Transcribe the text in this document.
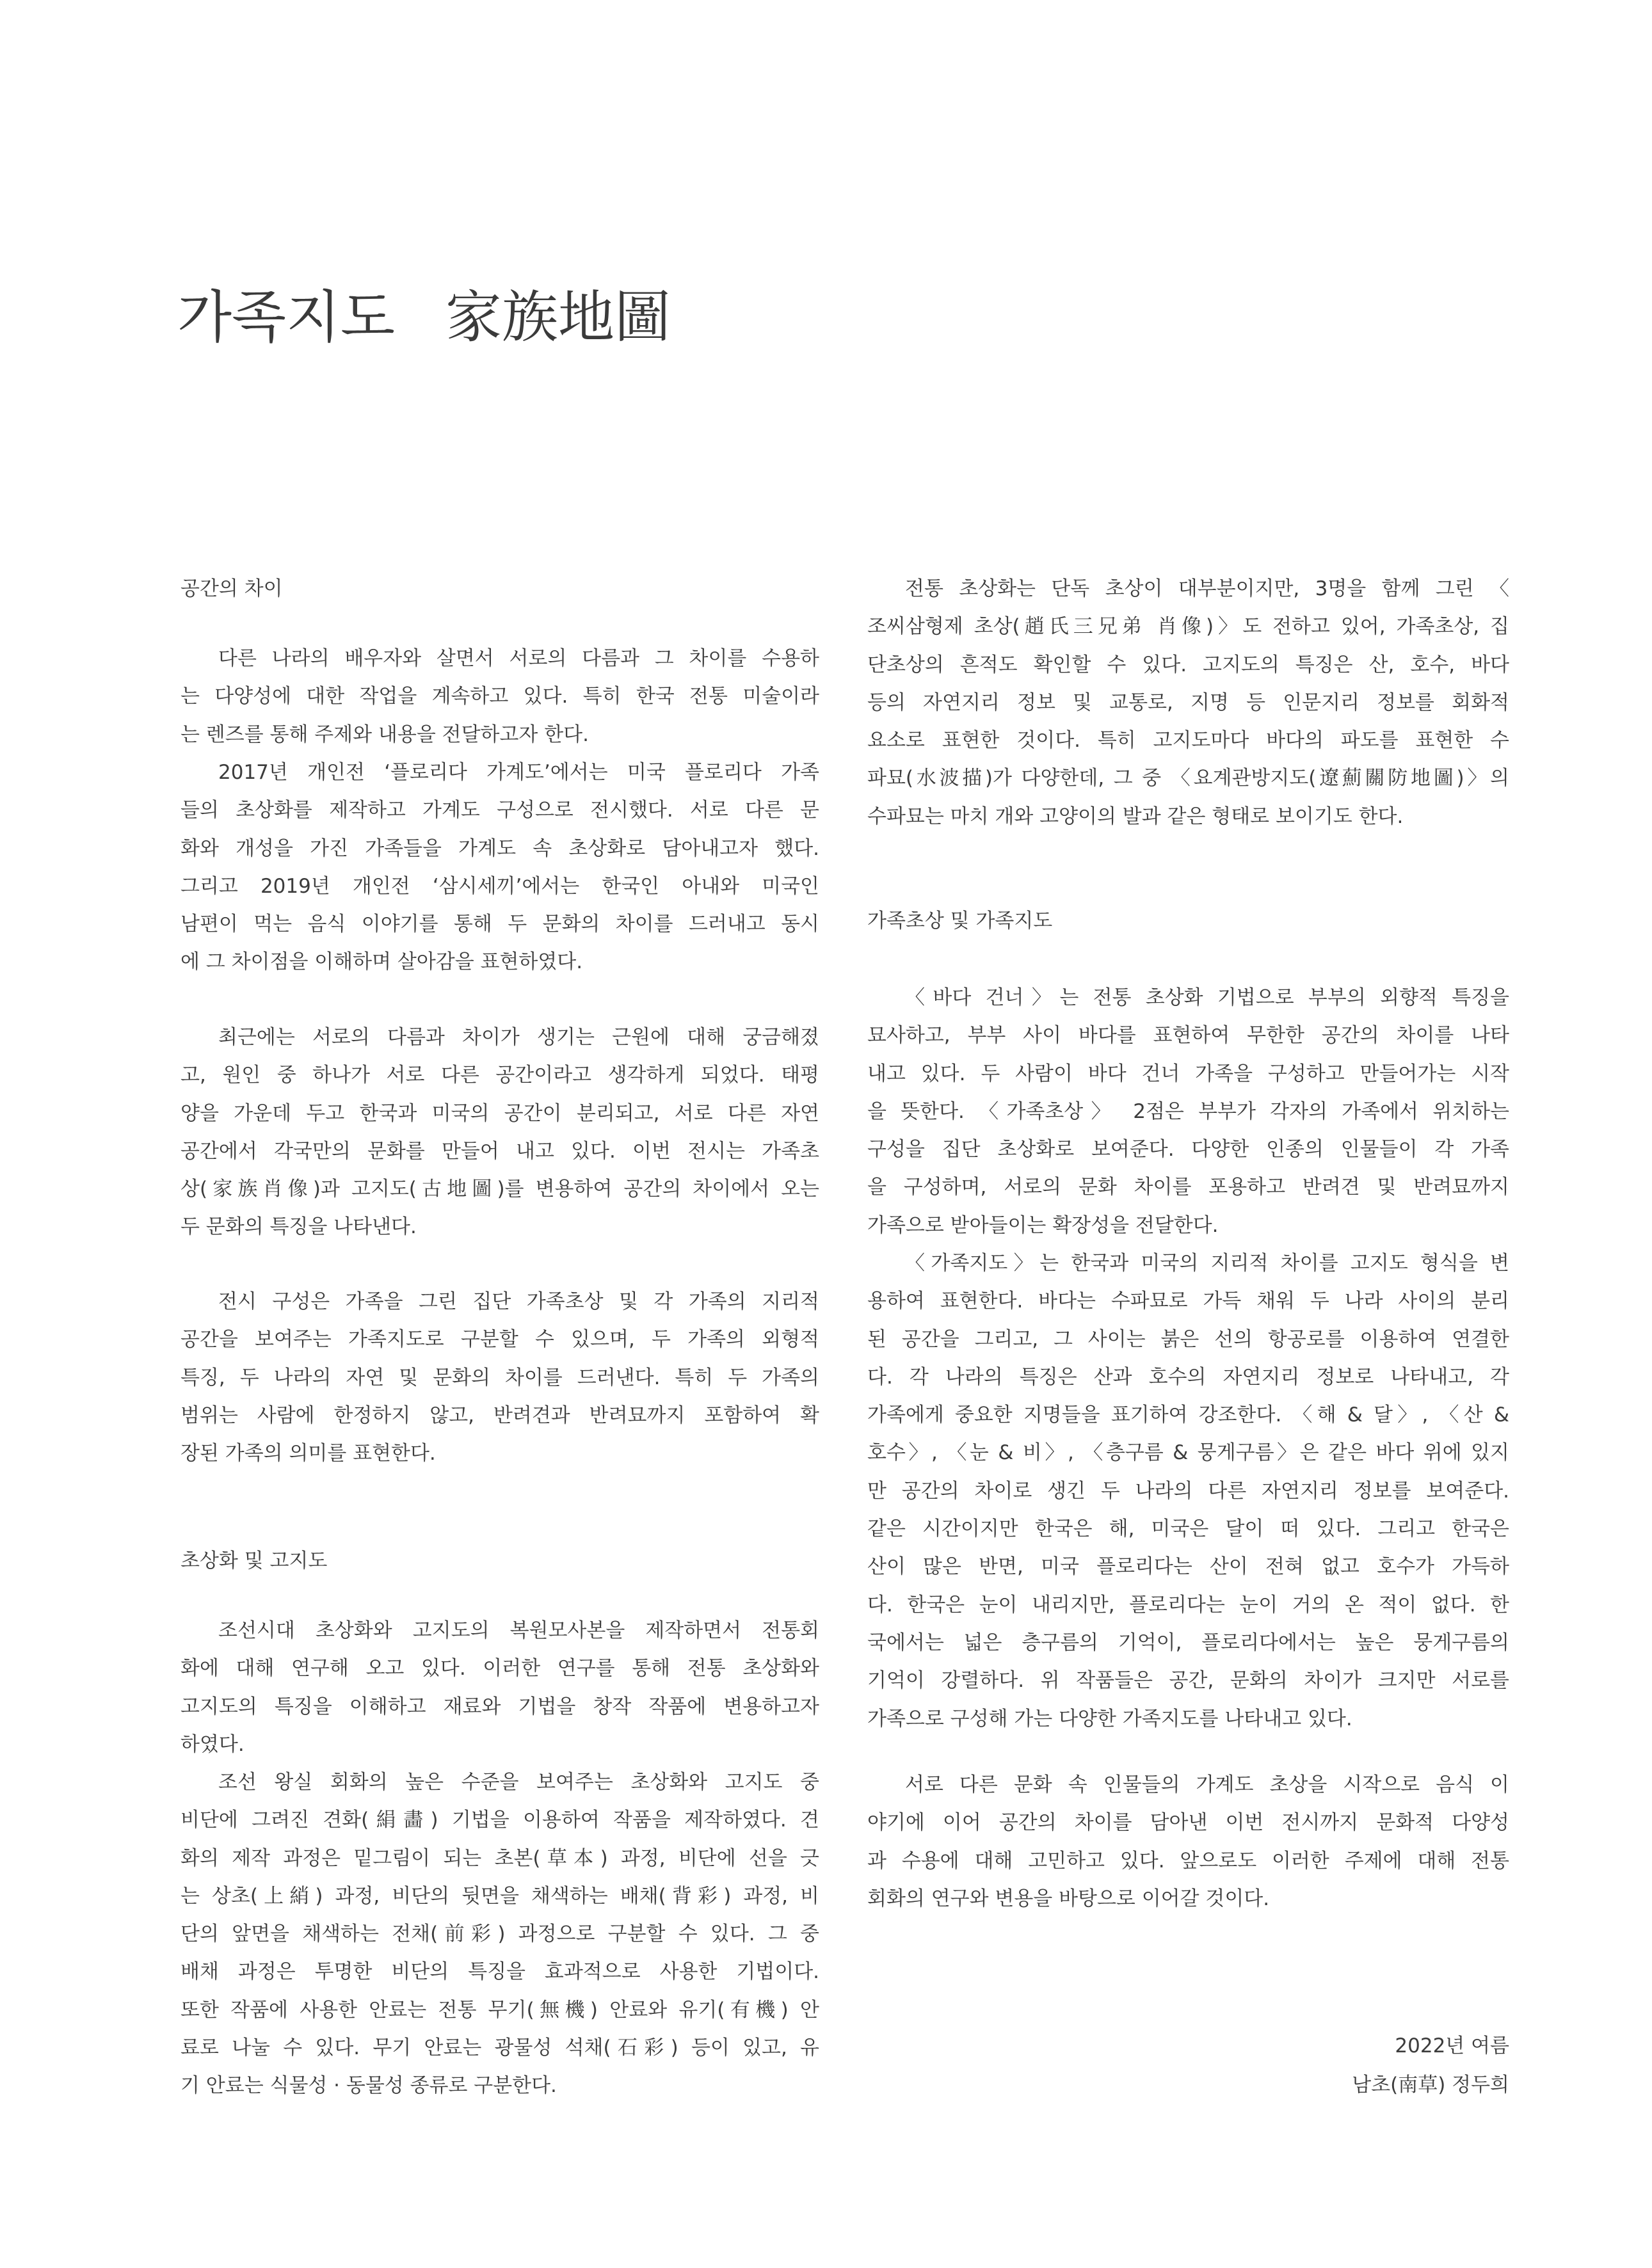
가족지도 家族地圖
공간의 차이
다른 나라의 배우자와 살면서 서로의 다름과 그 차이를 수용하
는 다양성에 대한 작업을 계속하고 있다. 특히 한국 전통 미술이라
는 렌즈를 통해 주제와 내용을 전달하고자 한다.
2017년 개인전 ‘플로리다 가계도’에서는 미국 플로리다 가족
들의 초상화를 제작하고 가계도 구성으로 전시했다. 서로 다른 문
화와 개성을 가진 가족들을 가계도 속 초상화로 담아내고자 했다.
그리고 2019년 개인전 ‘삼시세끼’에서는 한국인 아내와 미국인
남편이 먹는 음식 이야기를 통해 두 문화의 차이를 드러내고 동시
에 그 차이점을 이해하며 살아감을 표현하였다.
최근에는 서로의 다름과 차이가 생기는 근원에 대해 궁금해졌
고, 원인 중 하나가 서로 다른 공간이라고 생각하게 되었다. 태평
양을 가운데 두고 한국과 미국의 공간이 분리되고, 서로 다른 자연
공간에서 각국만의 문화를 만들어 내고 있다. 이번 전시는 가족초
상(家族肖像)과 고지도(古地圖)를 변용하여 공간의 차이에서 오는
두 문화의 특징을 나타낸다.
전시 구성은 가족을 그린 집단 가족초상 및 각 가족의 지리적
공간을 보여주는 가족지도로 구분할 수 있으며, 두 가족의 외형적
특징, 두 나라의 자연 및 문화의 차이를 드러낸다. 특히 두 가족의
범위는 사람에 한정하지 않고, 반려견과 반려묘까지 포함하여 확
장된 가족의 의미를 표현한다.
초상화 및 고지도
조선시대 초상화와 고지도의 복원모사본을 제작하면서 전통회
화에 대해 연구해 오고 있다. 이러한 연구를 통해 전통 초상화와
고지도의 특징을 이해하고 재료와 기법을 창작 작품에 변용하고자
하였다.
조선 왕실 회화의 높은 수준을 보여주는 초상화와 고지도 중
비단에 그려진 견화(絹畵) 기법을 이용하여 작품을 제작하였다. 견
화의 제작 과정은 밑그림이 되는 초본(草本) 과정, 비단에 선을 긋
는 상초(上綃) 과정, 비단의 뒷면을 채색하는 배채(背彩) 과정, 비
단의 앞면을 채색하는 전채(前彩) 과정으로 구분할 수 있다. 그 중
배채 과정은 투명한 비단의 특징을 효과적으로 사용한 기법이다.
또한 작품에 사용한 안료는 전통 무기(無機) 안료와 유기(有機) 안
료로 나눌 수 있다. 무기 안료는 광물성 석채(石彩) 등이 있고, 유
기 안료는 식물성 · 동물성 종류로 구분한다.
전통 초상화는 단독 초상이 대부분이지만, 3명을 함께 그린 〈
조씨삼형제 초상(趙氏三兄弟 肖像)〉도 전하고 있어, 가족초상, 집
단초상의 흔적도 확인할 수 있다. 고지도의 특징은 산, 호수, 바다
등의 자연지리 정보 및 교통로, 지명 등 인문지리 정보를 회화적
요소로 표현한 것이다. 특히 고지도마다 바다의 파도를 표현한 수
파묘(水波描)가 다양한데, 그 중 〈요계관방지도(遼薊關防地圖)〉의
수파묘는 마치 개와 고양이의 발과 같은 형태로 보이기도 한다.
가족초상 및 가족지도
〈바다 건너〉는 전통 초상화 기법으로 부부의 외향적 특징을
묘사하고, 부부 사이 바다를 표현하여 무한한 공간의 차이를 나타
내고 있다. 두 사람이 바다 건너 가족을 구성하고 만들어가는 시작
을 뜻한다. 〈가족초상〉 2점은 부부가 각자의 가족에서 위치하는
구성을 집단 초상화로 보여준다. 다양한 인종의 인물들이 각 가족
을 구성하며, 서로의 문화 차이를 포용하고 반려견 및 반려묘까지
가족으로 받아들이는 확장성을 전달한다.
〈가족지도〉는 한국과 미국의 지리적 차이를 고지도 형식을 변
용하여 표현한다. 바다는 수파묘로 가득 채워 두 나라 사이의 분리
된 공간을 그리고, 그 사이는 붉은 선의 항공로를 이용하여 연결한
다. 각 나라의 특징은 산과 호수의 자연지리 정보로 나타내고, 각
가족에게 중요한 지명들을 표기하여 강조한다. 〈해 & 달〉, 〈산 &
호수〉, 〈눈 & 비〉, 〈층구름 & 뭉게구름〉은 같은 바다 위에 있지
만 공간의 차이로 생긴 두 나라의 다른 자연지리 정보를 보여준다.
같은 시간이지만 한국은 해, 미국은 달이 떠 있다. 그리고 한국은
산이 많은 반면, 미국 플로리다는 산이 전혀 없고 호수가 가득하
다. 한국은 눈이 내리지만, 플로리다는 눈이 거의 온 적이 없다. 한
국에서는 넓은 층구름의 기억이, 플로리다에서는 높은 뭉게구름의
기억이 강렬하다. 위 작품들은 공간, 문화의 차이가 크지만 서로를
가족으로 구성해 가는 다양한 가족지도를 나타내고 있다.
서로 다른 문화 속 인물들의 가계도 초상을 시작으로 음식 이
야기에 이어 공간의 차이를 담아낸 이번 전시까지 문화적 다양성
과 수용에 대해 고민하고 있다. 앞으로도 이러한 주제에 대해 전통
회화의 연구와 변용을 바탕으로 이어갈 것이다.
2022년 여름
남초(南草) 정두희
